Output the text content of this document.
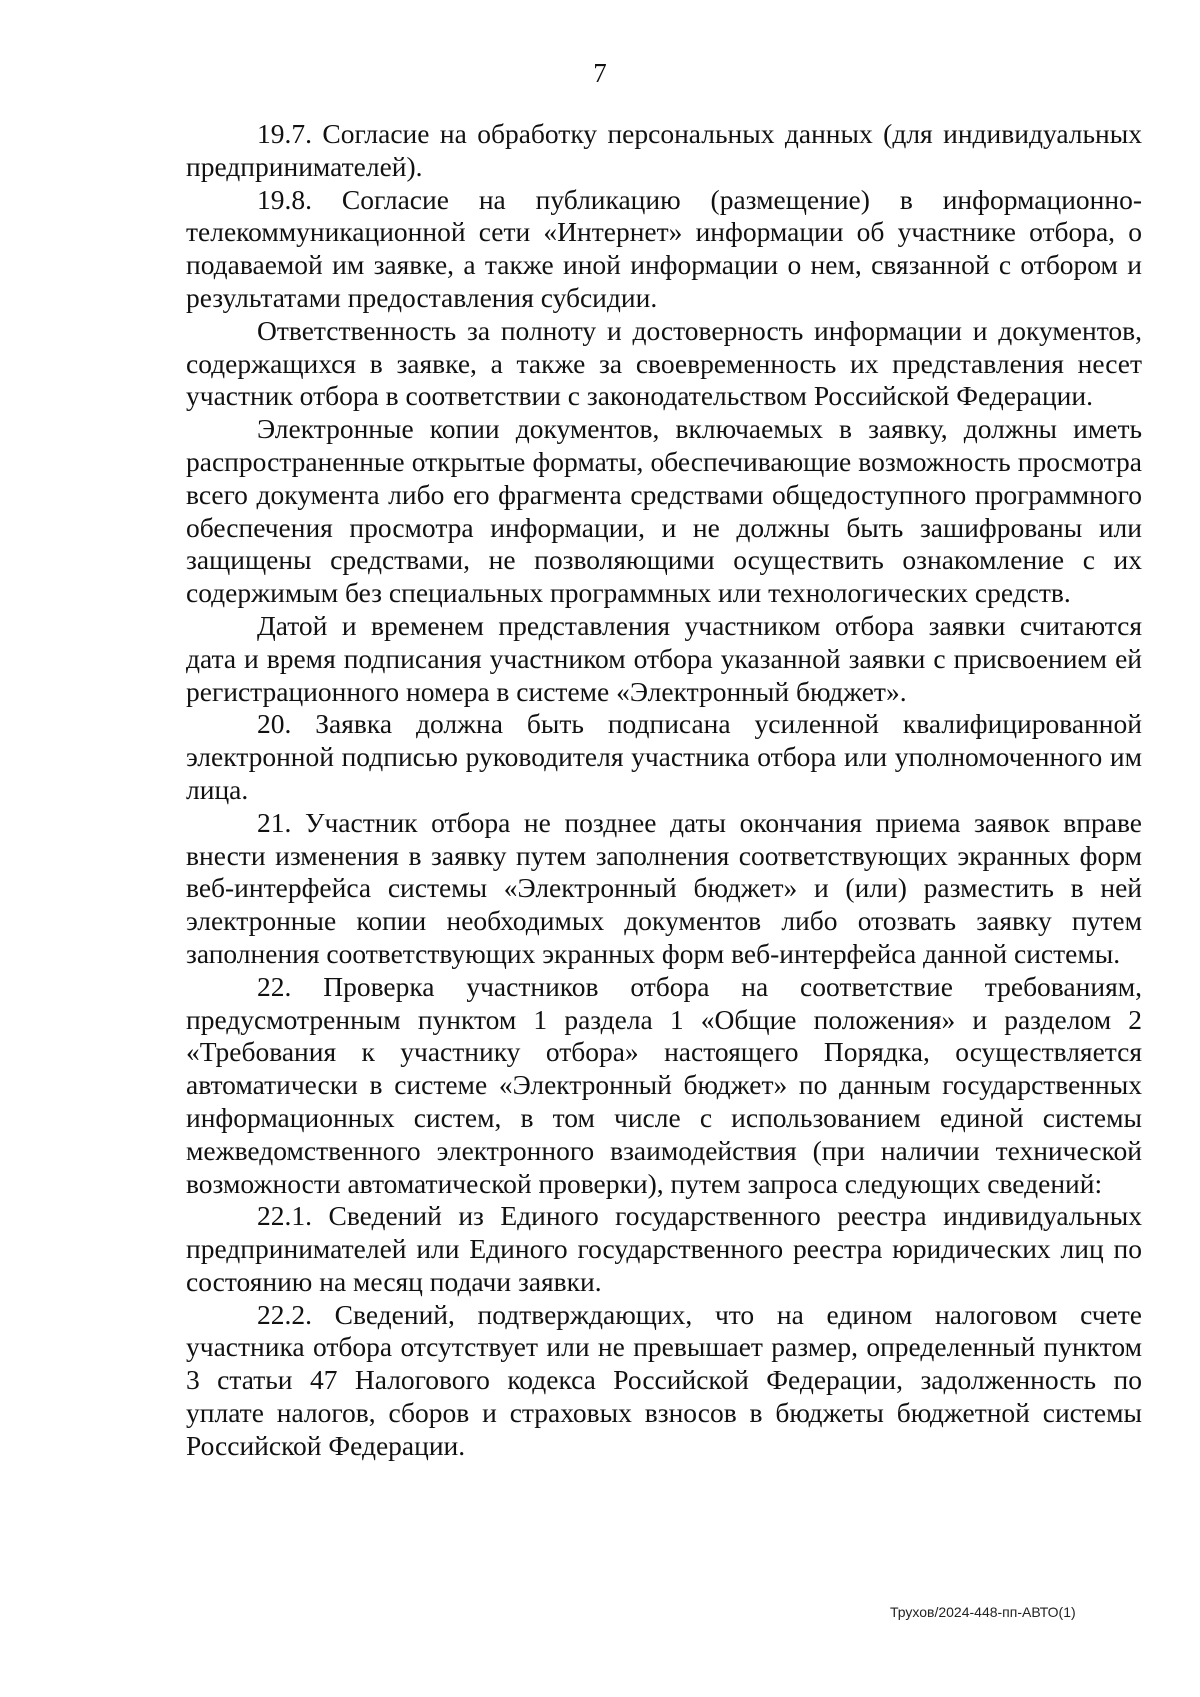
7

19.7. Согласие на обработку персональных данных (для индивидуальных предпринимателей).

19.8. Согласие на публикацию (размещение) в информационно-телекоммуникационной сети «Интернет» информации об участнике отбора, о подаваемой им заявке, а также иной информации о нем, связанной с отбором и результатами предоставления субсидии.

Ответственность за полноту и достоверность информации и документов, содержащихся в заявке, а также за своевременность их представления несет участник отбора в соответствии с законодательством Российской Федерации.

Электронные копии документов, включаемых в заявку, должны иметь распространенные открытые форматы, обеспечивающие возможность просмотра всего документа либо его фрагмента средствами общедоступного программного обеспечения просмотра информации, и не должны быть зашифрованы или защищены средствами, не позволяющими осуществить ознакомление с их содержимым без специальных программных или технологических средств.

Датой и временем представления участником отбора заявки считаются дата и время подписания участником отбора указанной заявки с присвоением ей регистрационного номера в системе «Электронный бюджет».

20. Заявка должна быть подписана усиленной квалифицированной электронной подписью руководителя участника отбора или уполномоченного им лица.

21. Участник отбора не позднее даты окончания приема заявок вправе внести изменения в заявку путем заполнения соответствующих экранных форм веб-интерфейса системы «Электронный бюджет» и (или) разместить в ней электронные копии необходимых документов либо отозвать заявку путем заполнения соответствующих экранных форм веб-интерфейса данной системы.

22. Проверка участников отбора на соответствие требованиям, предусмотренным пунктом 1 раздела 1 «Общие положения» и разделом 2 «Требования к участнику отбора» настоящего Порядка, осуществляется автоматически в системе «Электронный бюджет» по данным государственных информационных систем, в том числе с использованием единой системы межведомственного электронного взаимодействия (при наличии технической возможности автоматической проверки), путем запроса следующих сведений:

22.1. Сведений из Единого государственного реестра индивидуальных предпринимателей или Единого государственного реестра юридических лиц по состоянию на месяц подачи заявки.

22.2. Сведений, подтверждающих, что на едином налоговом счете участника отбора отсутствует или не превышает размер, определенный пунктом 3 статьи 47 Налогового кодекса Российской Федерации, задолженность по уплате налогов, сборов и страховых взносов в бюджеты бюджетной системы Российской Федерации.

Трухов/2024-448-пп-АВТО(1)
